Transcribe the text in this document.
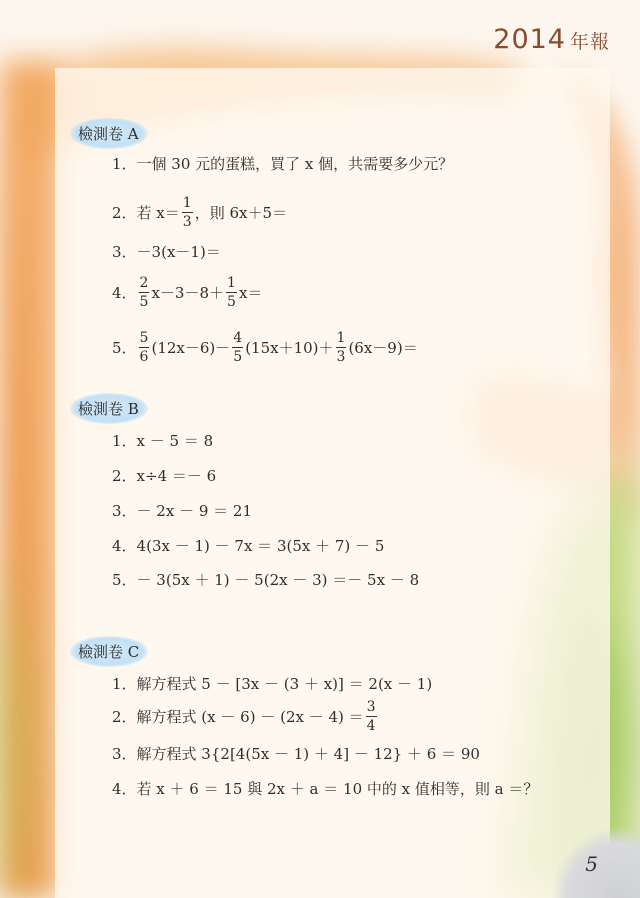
2014 年報
檢測卷 A
1．一個 30 元的蛋糕，買了 x 個，共需要多少元？
2．若 $x= \frac{1}{3}$ ，則 6x＋5＝
3．－3(x－1)＝
4． $\frac{2}{5} x-3-8+ \frac{1}{5} x=$
5． $\frac{5}{6} (12x-6)- \frac{4}{5} (15x+10)+ \frac{1}{3} (6x-9)=$
檢測卷 B
1．x － 5 ＝ 8
2．x÷4 ＝－ 6
3．－ 2x － 9 ＝ 21
4．4(3x － 1) － 7x ＝ 3(5x ＋ 7) － 5
5．－ 3(5x ＋ 1) － 5(2x － 3) ＝－ 5x － 8
檢測卷 C
1．解方程式 5 － [3x － (3 ＋ x)] ＝ 2(x － 1)
2．解方程式 $(x - 6) - (2x - 4) = \frac{3}{4}$
3．解方程式 3{2[4(5x － 1) ＋ 4] － 12} ＋ 6 ＝ 90
4．若 x ＋ 6 ＝ 15 與 2x ＋ a ＝ 10 中的 x 值相等，則 a ＝？
5
